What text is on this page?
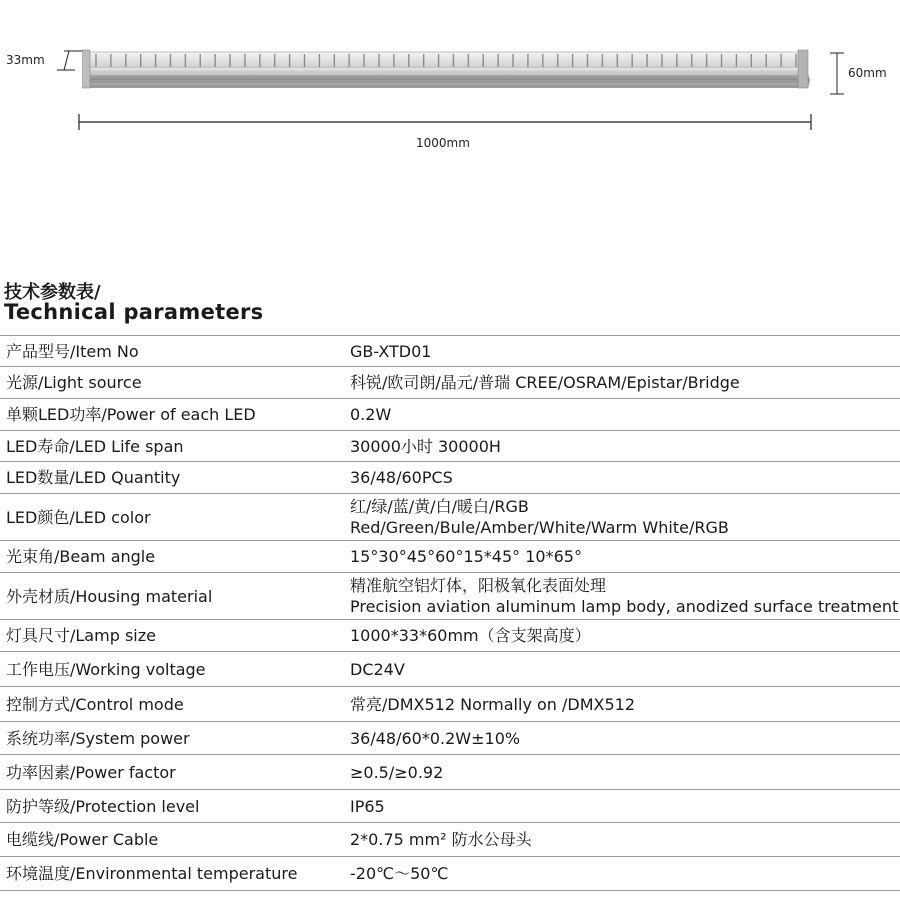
33mm
60mm
1000mm
技术参数表/
Technical parameters
产品型号/Item No	GB-XTD01

光源/Light source	科锐/欧司朗/晶元/普瑞 CREE/OSRAM/Epistar/Bridge

单颗LED功率/Power of each LED	0.2W

LED寿命/LED Life span	30000小时 30000H

LED数量/LED Quantity	36/48/60PCS

LED颜色/LED color	红/绿/蓝/黄/白/暖白/RGB
Red/Green/Bule/Amber/White/Warm White/RGB

光束角/Beam angle	15°30°45°60°15*45° 10*65°

外壳材质/Housing material	精准航空铝灯体，阳极氧化表面处理
Precision aviation aluminum lamp body, anodized surface treatment

灯具尺寸/Lamp size	1000*33*60mm（含支架高度）

工作电压/Working voltage	DC24V

控制方式/Control mode	常亮/DMX512 Normally on /DMX512

系统功率/System power	36/48/60*0.2W±10%

功率因素/Power factor	≥0.5/≥0.92

防护等级/Protection level	IP65

电缆线/Power Cable	2*0.75 mm² 防水公母头

环境温度/Environmental temperature	-20℃～50℃
